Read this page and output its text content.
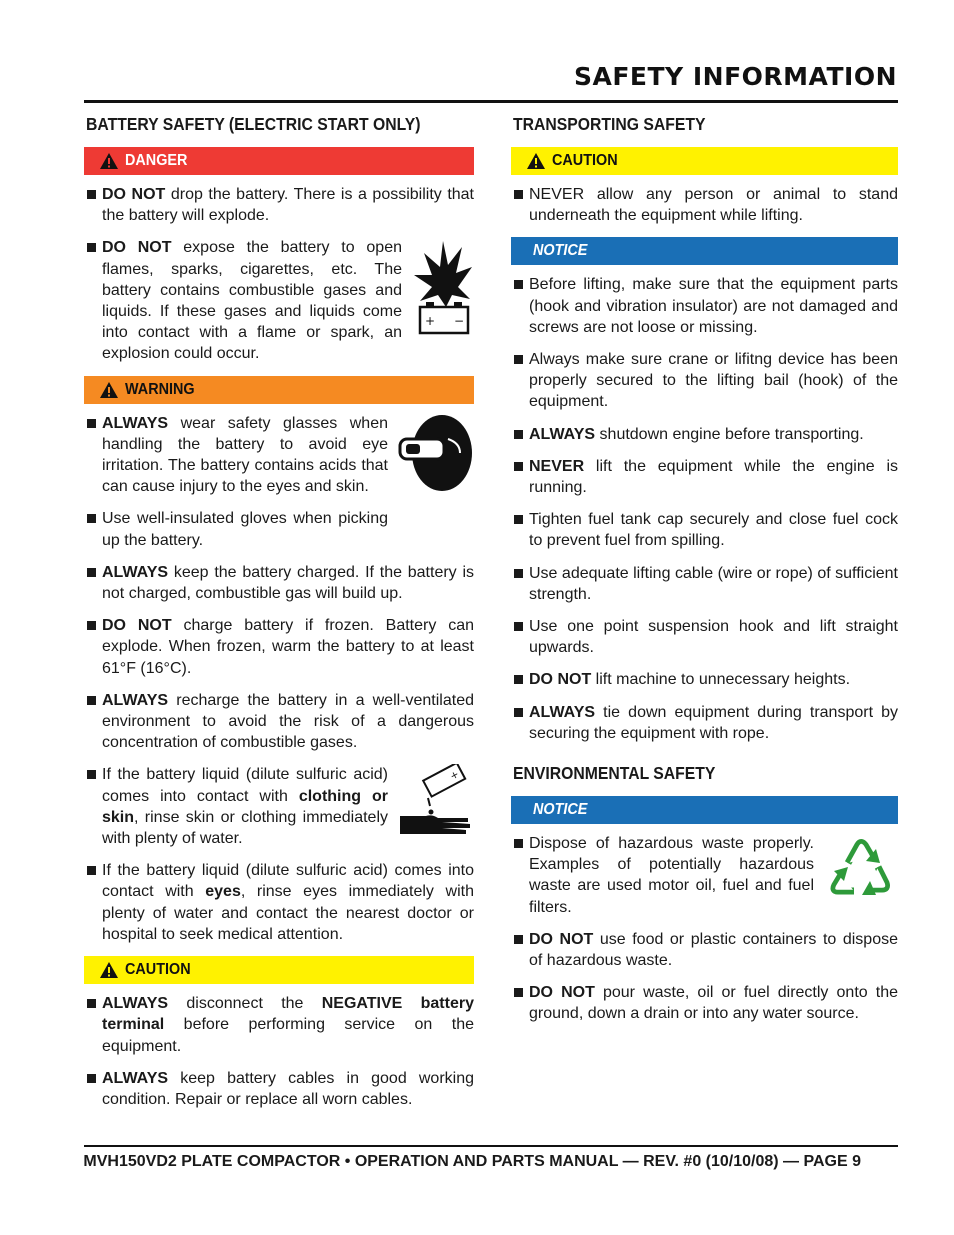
SAFETY INFORMATION
BATTERY SAFETY (ELECTRIC START ONLY)
DANGER
DO NOT drop the battery. There is a possibility that the battery will explode.
DO NOT expose the battery to open flames, sparks, cigarettes, etc. The battery contains combustible gases and liquids. If these gases and liquids come into contact with a flame or spark, an explosion could occur.
+ −
WARNING
ALWAYS wear safety glasses when handling the battery to avoid eye irritation. The battery contains acids that can cause injury to the eyes and skin.
Use well-insulated gloves when picking up the battery.
ALWAYS keep the battery charged. If the battery is not charged, combustible gas will build up.
DO NOT charge battery if frozen. Battery can explode. When frozen, warm the battery to at least 61°F (16°C).
ALWAYS recharge the battery in a well-ventilated environment to avoid the risk of a dangerous concentration of combustible gases.
If the battery liquid (dilute sulfuric acid) comes into contact with clothing or skin, rinse skin or clothing immediately with plenty of water.
+
If the battery liquid (dilute sulfuric acid) comes into contact with eyes, rinse eyes immediately with plenty of water and contact the nearest doctor or hospital to seek medical attention.
CAUTION
ALWAYS disconnect the NEGATIVE battery terminal before performing service on the equipment.
ALWAYS keep battery cables in good working condition. Repair or replace all worn cables.
TRANSPORTING SAFETY
CAUTION
NEVER allow any person or animal to stand underneath the equipment while lifting.
NOTICE
Before lifting, make sure that the equipment parts (hook and vibration insulator) are not damaged and screws are not loose or missing.
Always make sure crane or lifitng device has been properly secured to the lifting bail (hook) of the equipment.
ALWAYS shutdown engine before transporting.
NEVER lift the equipment while the engine is running.
Tighten fuel tank cap securely and close fuel cock to prevent fuel from spilling.
Use adequate lifting cable (wire or rope) of sufficient strength.
Use one point suspension hook and lift straight upwards.
DO NOT lift machine to unnecessary heights.
ALWAYS tie down equipment during transport by securing the equipment with rope.
ENVIRONMENTAL SAFETY
NOTICE
Dispose of hazardous waste properly. Examples of potentially hazardous waste are used motor oil, fuel and fuel filters.
DO NOT use food or plastic containers to dispose of hazardous waste.
DO NOT pour waste, oil or fuel directly onto the ground, down a drain or into any water source.
MVH150VD2 PLATE COMPACTOR • OPERATION AND PARTS MANUAL — REV. #0 (10/10/08) — PAGE 9
